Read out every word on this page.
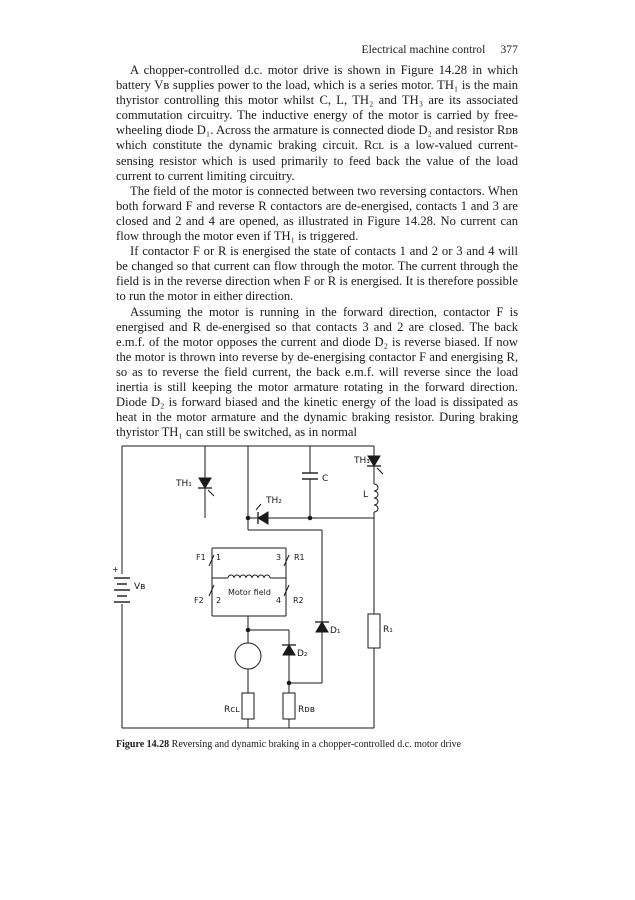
Electrical machine control 377

A chopper-controlled d.c. motor drive is shown in Figure 14.28 in which battery Vʙ supplies power to the load, which is a series motor. TH₁ is the main thyristor controlling this motor whilst C, L, TH₂ and TH₃ are its associated commutation circuitry. The inductive energy of the motor is carried by free-wheeling diode D₁. Across the armature is connected diode D₂ and resistor Rᴅʙ which constitute the dynamic braking circuit. Rᴄʟ is a low-valued current-sensing resistor which is used primarily to feed back the value of the load current to current limiting circuitry.

The field of the motor is connected between two reversing contactors. When both forward F and reverse R contactors are de-energised, contacts 1 and 3 are closed and 2 and 4 are opened, as illustrated in Figure 14.28. No current can flow through the motor even if TH₁ is triggered.

If contactor F or R is energised the state of contacts 1 and 2 or 3 and 4 will be changed so that current can flow through the motor. The current through the field is in the reverse direction when F or R is energised. It is therefore possible to run the motor in either direction.

Assuming the motor is running in the forward direction, contactor F is energised and R de-energised so that contacts 3 and 2 are closed. The back e.m.f. of the motor opposes the current and diode D₂ is reverse biased. If now the motor is thrown into reverse by de-energising contactor F and energising R, so as to reverse the field current, the back e.m.f. will reverse since the load inertia is still keeping the motor armature rotating in the forward direction. Diode D₂ is forward biased and the kinetic energy of the load is dissipated as heat in the motor armature and the dynamic braking resistor. During braking thyristor TH₁ can still be switched, as in normal

+
Vʙ
TH₁
TH₂
C
TH₃
L
F1 1	3 R1
Motor field
F2 2	4 R2
Rᴄʟ
D₂
Rᴅʙ
D₁	R₁
Figure 14.28 Reversing and dynamic braking in a chopper-controlled d.c. motor drive
